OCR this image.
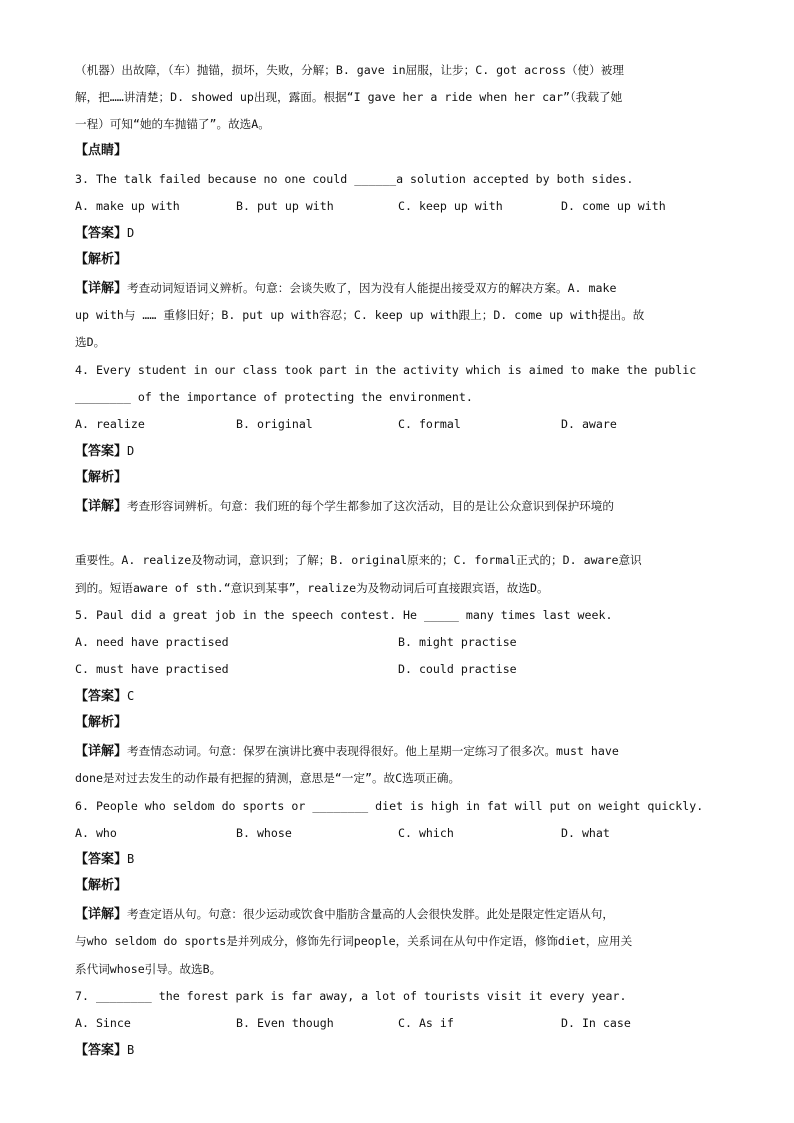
（机器）出故障，（车）抛锚，损坏，失败，分解；B. gave in屈服，让步；C. got across（使）被理
解，把……讲清楚；D. showed up出现，露面。根据“I gave her a ride when her car”（我载了她
一程）可知“她的车抛锚了”。故选A。
【点睛】
3. The talk failed because no one could ______a solution accepted by both sides.
A. make up with	B. put up with	C. keep up with	D. come up with
【答案】D
【解析】
【详解】考查动词短语词义辨析。句意：会谈失败了，因为没有人能提出接受双方的解决方案。A. make
up with与 …… 重修旧好；B. put up with容忍；C. keep up with跟上；D. come up with提出。故
选D。
4. Every student in our class took part in the activity which is aimed to make the public
________ of the importance of protecting the environment.
A. realize	B. original	C. formal	D. aware
【答案】D
【解析】
【详解】考查形容词辨析。句意：我们班的每个学生都参加了这次活动，目的是让公众意识到保护环境的
重要性。A. realize及物动词，意识到；了解；B. original原来的；C. formal正式的；D. aware意识
到的。短语aware of sth.“意识到某事”，realize为及物动词后可直接跟宾语，故选D。
5. Paul did a great job in the speech contest. He _____ many times last week.
A. need have practised	B. might practise
C. must have practised	D. could practise
【答案】C
【解析】
【详解】考查情态动词。句意：保罗在演讲比赛中表现得很好。他上星期一定练习了很多次。must have
done是对过去发生的动作最有把握的猜测，意思是“一定”。故C选项正确。
6. People who seldom do sports or ________ diet is high in fat will put on weight quickly.
A. who	B. whose	C. which	D. what
【答案】B
【解析】
【详解】考查定语从句。句意：很少运动或饮食中脂肪含量高的人会很快发胖。此处是限定性定语从句，
与who seldom do sports是并列成分，修饰先行词people，关系词在从句中作定语，修饰diet，应用关
系代词whose引导。故选B。
7. ________ the forest park is far away, a lot of tourists visit it every year.
A. Since	B. Even though	C. As if	D. In case
【答案】B
